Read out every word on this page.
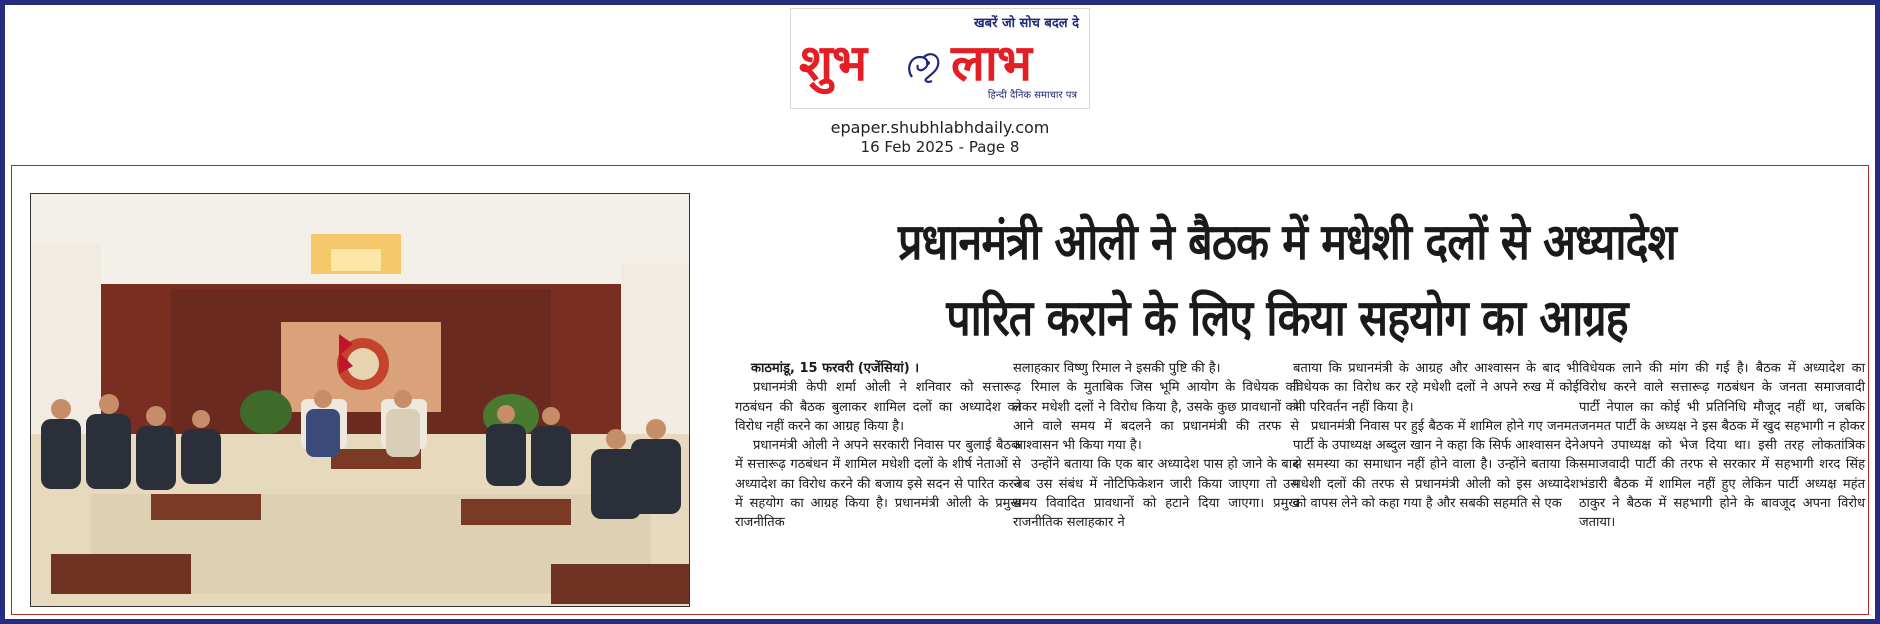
खबरें जो सोच बदल दे
शुभ लाभ
हिन्दी दैनिक समाचार पत्र
epaper.shubhlabhdaily.com
16 Feb 2025 - Page 8
प्रधानमंत्री ओली ने बैठक में मधेशी दलों से अध्यादेश
पारित कराने के लिए किया सहयोग का आग्रह

काठमांडू, 15 फरवरी (एजेंसियां) ।

प्रधानमंत्री केपी शर्मा ओली ने शनिवार को सत्तारूढ़ गठबंधन की बैठक बुलाकर शामिल दलों का अध्यादेश का विरोध नहीं करने का आग्रह किया है।

प्रधानमंत्री ओली ने अपने सरकारी निवास पर बुलाई बैठक में सत्तारूढ़ गठबंधन में शामिल मधेशी दलों के शीर्ष नेताओं से अध्यादेश का विरोध करने की बजाय इसे सदन से पारित करने में सहयोग का आग्रह किया है। प्रधानमंत्री ओली के प्रमुख राजनीतिक

सलाहकार विष्णु रिमाल ने इसकी पुष्टि की है।

रिमाल के मुताबिक जिस भूमि आयोग के विधेयक को लेकर मधेशी दलों ने विरोध किया है, उसके कुछ प्रावधानों को आने वाले समय में बदलने का प्रधानमंत्री की तरफ से आश्वासन भी किया गया है।

उन्होंने बताया कि एक बार अध्यादेश पास हो जाने के बाद जब उस संबंध में नोटिफिकेशन जारी किया जाएगा तो उस समय विवादित प्रावधानों को हटाने दिया जाएगा। प्रमुख राजनीतिक सलाहकार ने

बताया कि प्रधानमंत्री के आग्रह और आश्वासन के बाद भी विधेयक का विरोध कर रहे मधेशी दलों ने अपने रुख में कोई भी परिवर्तन नहीं किया है।

प्रधानमंत्री निवास पर हुई बैठक में शामिल होने गए जनमत पार्टी के उपाध्यक्ष अब्दुल खान ने कहा कि सिर्फ आश्वासन देने से समस्या का समाधान नहीं होने वाला है। उन्होंने बताया कि मधेशी दलों की तरफ से प्रधानमंत्री ओली को इस अध्यादेश को वापस लेने को कहा गया है और सबकी सहमति से एक

विधेयक लाने की मांग की गई है। बैठक में अध्यादेश का विरोध करने वाले सत्तारूढ़ गठबंधन के जनता समाजवादी पार्टी नेपाल का कोई भी प्रतिनिधि मौजूद नहीं था, जबकि जनमत पार्टी के अध्यक्ष ने इस बैठक में खुद सहभागी न होकर अपने उपाध्यक्ष को भेज दिया था। इसी तरह लोकतांत्रिक समाजवादी पार्टी की तरफ से सरकार में सहभागी शरद सिंह भंडारी बैठक में शामिल नहीं हुए लेकिन पार्टी अध्यक्ष महंत ठाकुर ने बैठक में सहभागी होने के बावजूद अपना विरोध जताया।
